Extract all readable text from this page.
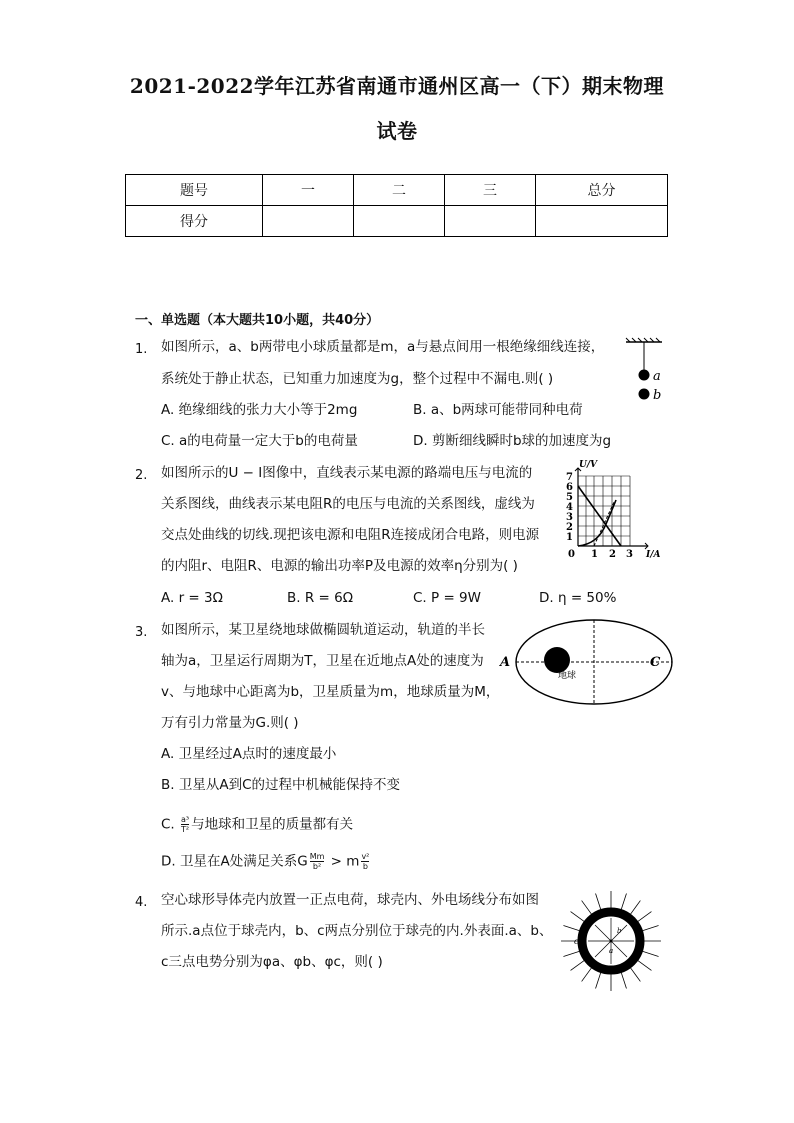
2021-2022学年江苏省南通市通州区高一（下）期末物理
试卷
题号	一	二	三	总分
得分				
一、单选题（本大题共10小题，共40分）
1. 如图所示，a、b两带电小球质量都是m，a与悬点间用一根绝缘细线连接，
系统处于静止状态，已知重力加速度为g，整个过程中不漏电.则( )
A. 绝缘细线的张力大小等于2mg	B. a、b两球可能带同种电荷
C. a的电荷量一定大于b的电荷量	D. 剪断细线瞬时b球的加速度为g
a
b
2. 如图所示的U − I图像中，直线表示某电源的路端电压与电流的
关系图线，曲线表示某电阻R的电压与电流的关系图线，虚线为
交点处曲线的切线.现把该电源和电阻R连接成闭合电路，则电源
的内阻r、电阻R、电源的输出功率P及电源的效率η分别为( )
A. r = 3Ω	B. R = 6Ω	C. P = 9W	D. η = 50%
U/V
I/A
7
6
5
4
3
2
1
0 1 2 3
3. 如图所示，某卫星绕地球做椭圆轨道运动，轨道的半长
轴为a，卫星运行周期为T，卫星在近地点A处的速度为
v、与地球中心距离为b，卫星质量为m，地球质量为M，
万有引力常量为G.则( )
A. 卫星经过A点时的速度最小
B. 卫星从A到C的过程中机械能保持不变
C. $\frac{\text{a³}}{\text{T²}}$ 与地球和卫星的质量都有关
D. 卫星在A处满足关系G $\frac{Mm}{\text{b²}} > m \frac{\text{v²}}{b}$
A	C
地球
4. 空心球形导体壳内放置一正点电荷，球壳内、外电场线分布如图
所示.a点位于球壳内，b、c两点分别位于球壳的内.外表面.a、b、
c三点电势分别为φa、φb、φc，则( )
c
b
a
